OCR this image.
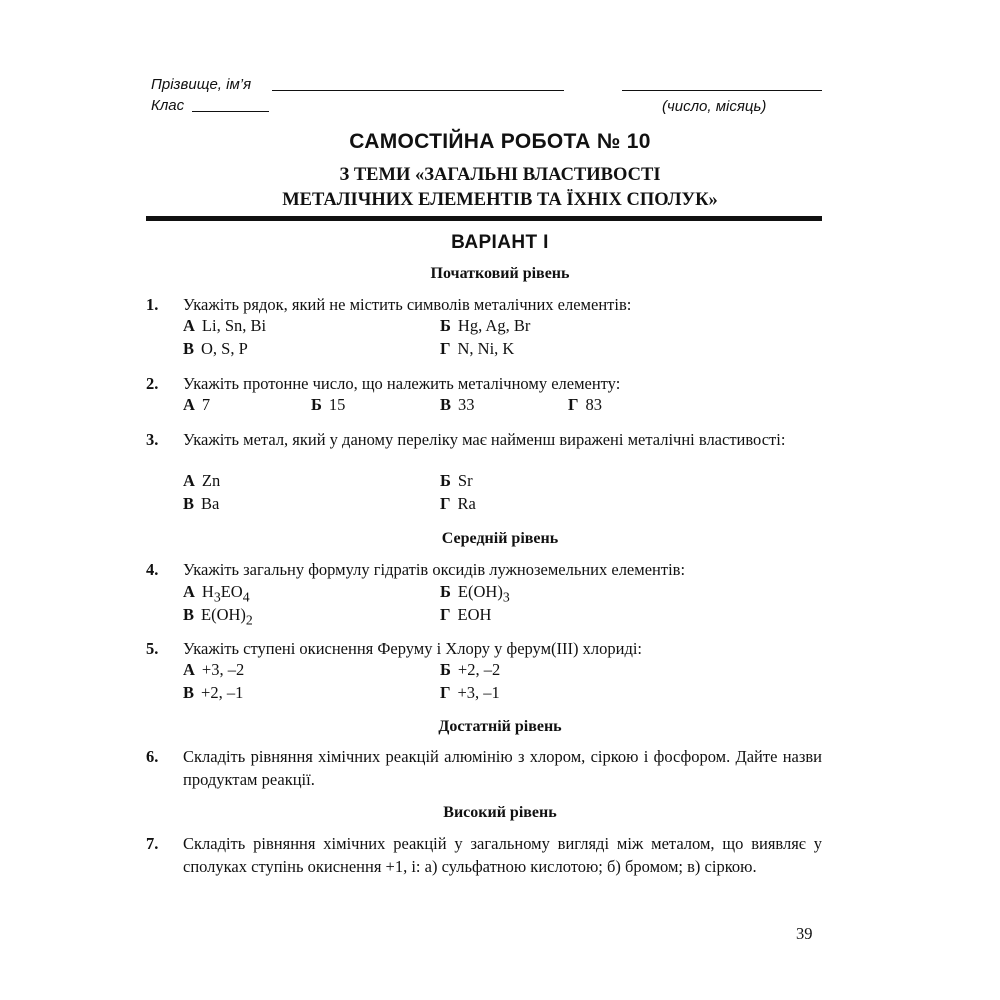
Прізвище, ім’я
Клас	(число, місяць)
САМОСТІЙНА РОБОТА № 10
З ТЕМИ «ЗАГАЛЬНІ ВЛАСТИВОСТІ
МЕТАЛІЧНИХ ЕЛЕМЕНТІВ ТА ЇХНІХ СПОЛУК»
ВАРІАНТ І
Початковий рівень
1. Укажіть рядок, який не містить символів металічних елементів:
А Li, Sn, Bi	Б Hg, Ag, Br
В O, S, P	Г N, Ni, K
2. Укажіть протонне число, що належить металічному елементу:
А 7	Б 15	В 33	Г 83
3. Укажіть метал, який у даному переліку має найменш виражені металічні властивості:
А Zn	Б Sr
В Ba	Г Ra
Середній рівень
4. Укажіть загальну формулу гідратів оксидів лужноземельних елементів:
А $H_3EO_4$	Б $E(OH)_3$
В $E(OH)_2$	Г EOH
5. Укажіть ступені окиснення Феруму і Хлору у ферум(ІІІ) хлориді:
А +3, –2	Б +2, –2
В +2, –1	Г +3, –1
Достатній рівень
6. Складіть рівняння хімічних реакцій алюмінію з хлором, сіркою і фосфором. Дайте назви продуктам реакції.
Високий рівень
7. Складіть рівняння хімічних реакцій у загальному вигляді між металом, що виявляє у сполуках ступінь окиснення +1, і: а) сульфатною кислотою; б) бромом; в) сіркою.
39
